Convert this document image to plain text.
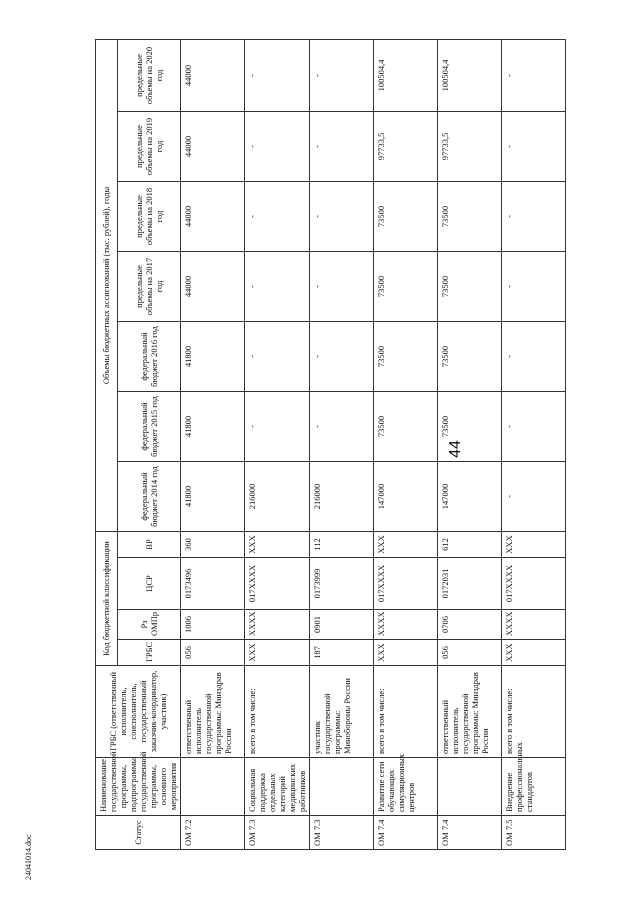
44
Статус	Наименование государственной программы, подпрограммы государственной программы, основного мероприятия	ГРБС (ответственный исполнитель, соисполнитель, государственный заказчик-координатор, участник)	Код бюджетной классификации				Объемы бюджетных ассигнований (тыс. рублей), годы						
			ГРБС	Рз ОМПр	ЦСР	ВР	федеральный бюджет 2014 год	федеральный бюджет 2015 год	федеральный бюджет 2016 год	предельные объемы на 2017 год	предельные объемы на 2018 год	предельные объемы на 2019 год	предельные объемы на 2020 год
ОМ 7.2		ответственный исполнитель государственной программы: Минздрав России	056	1006	0173496	360	41800	41800	41800	44000	44000	44000	44000
ОМ 7.3	Социальная поддержка отдельных категорий медицинских работников	всего в том числе:	XXX	XXXX	017XXXX	XXX	216000	-	-	-	-	-	-
ОМ 7.3		участник государственной программы: Минобороны России	187	0901	0173999	112	216000	-	-	-	-	-	-
ОМ 7.4	Развитие сети обучающих симуляционных центров	всего в том числе:	XXX	XXXX	017XXXX	XXX	147000	73500	73500	73500	73500	97733,5	100504,4
ОМ 7.4		ответственный исполнитель государственной программы: Минздрав России	056	0706	0172031	612	147000	73500	73500	73500	73500	97733,5	100504,4
ОМ 7.5	Внедрение профессиональных стандартов	всего в том числе:	XXX	XXXX	017XXXX	XXX	-	-	-	-	-	-	-
24041014.doc
